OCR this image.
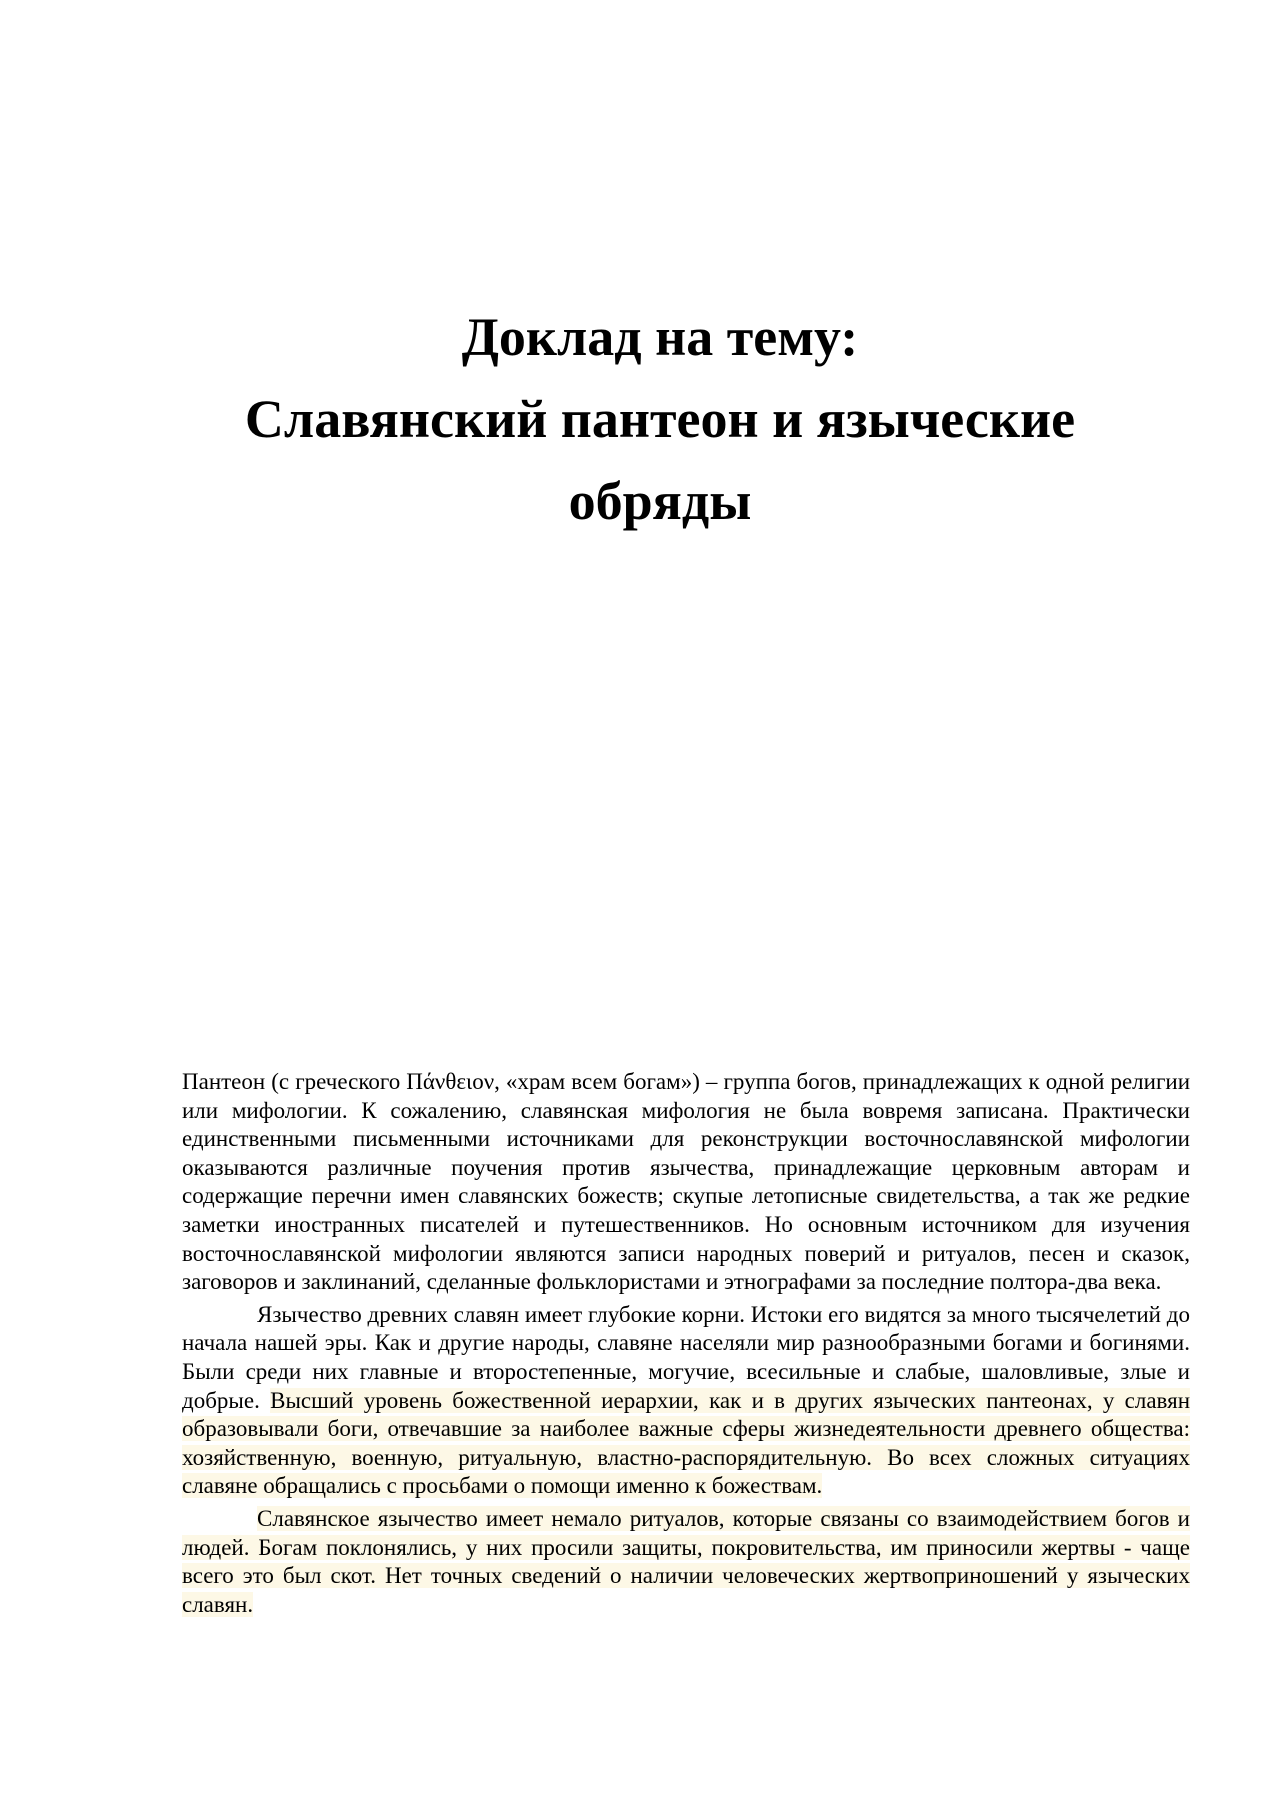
Доклад на тему:
Славянский пантеон и языческие обряды

Пантеон (с греческого Πάνθειον, «храм всем богам») – группа богов, принадлежащих к одной религии или мифологии. К сожалению, славянская мифология не была вовремя записана. Практически единственными письменными источниками для реконструкции восточнославянской мифологии оказываются различные поучения против язычества, принадлежащие церковным авторам и содержащие перечни имен славянских божеств; скупые летописные свидетельства, а так же редкие заметки иностранных писателей и путешественников. Но основным источником для изучения восточнославянской мифологии являются записи народных поверий и ритуалов, песен и сказок, заговоров и заклинаний, сделанные фольклористами и этнографами за последние полтора-два века.

Язычество древних славян имеет глубокие корни. Истоки его видятся за много тысячелетий до начала нашей эры. Как и другие народы, славяне населяли мир разнообразными богами и богинями. Были среди них главные и второстепенные, могучие, всесильные и слабые, шаловливые, злые и добрые. Высший уровень божественной иерархии, как и в других языческих пантеонах, у славян образовывали боги, отвечавшие за наиболее важные сферы жизнедеятельности древнего общества: хозяйственную, военную, ритуальную, властно-распорядительную. Во всех сложных ситуациях славяне обращались с просьбами о помощи именно к божествам.

Славянское язычество имеет немало ритуалов, которые связаны со взаимодействием богов и людей. Богам поклонялись, у них просили защиты, покровительства, им приносили жертвы - чаще всего это был скот. Нет точных сведений о наличии человеческих жертвоприношений у языческих славян.
